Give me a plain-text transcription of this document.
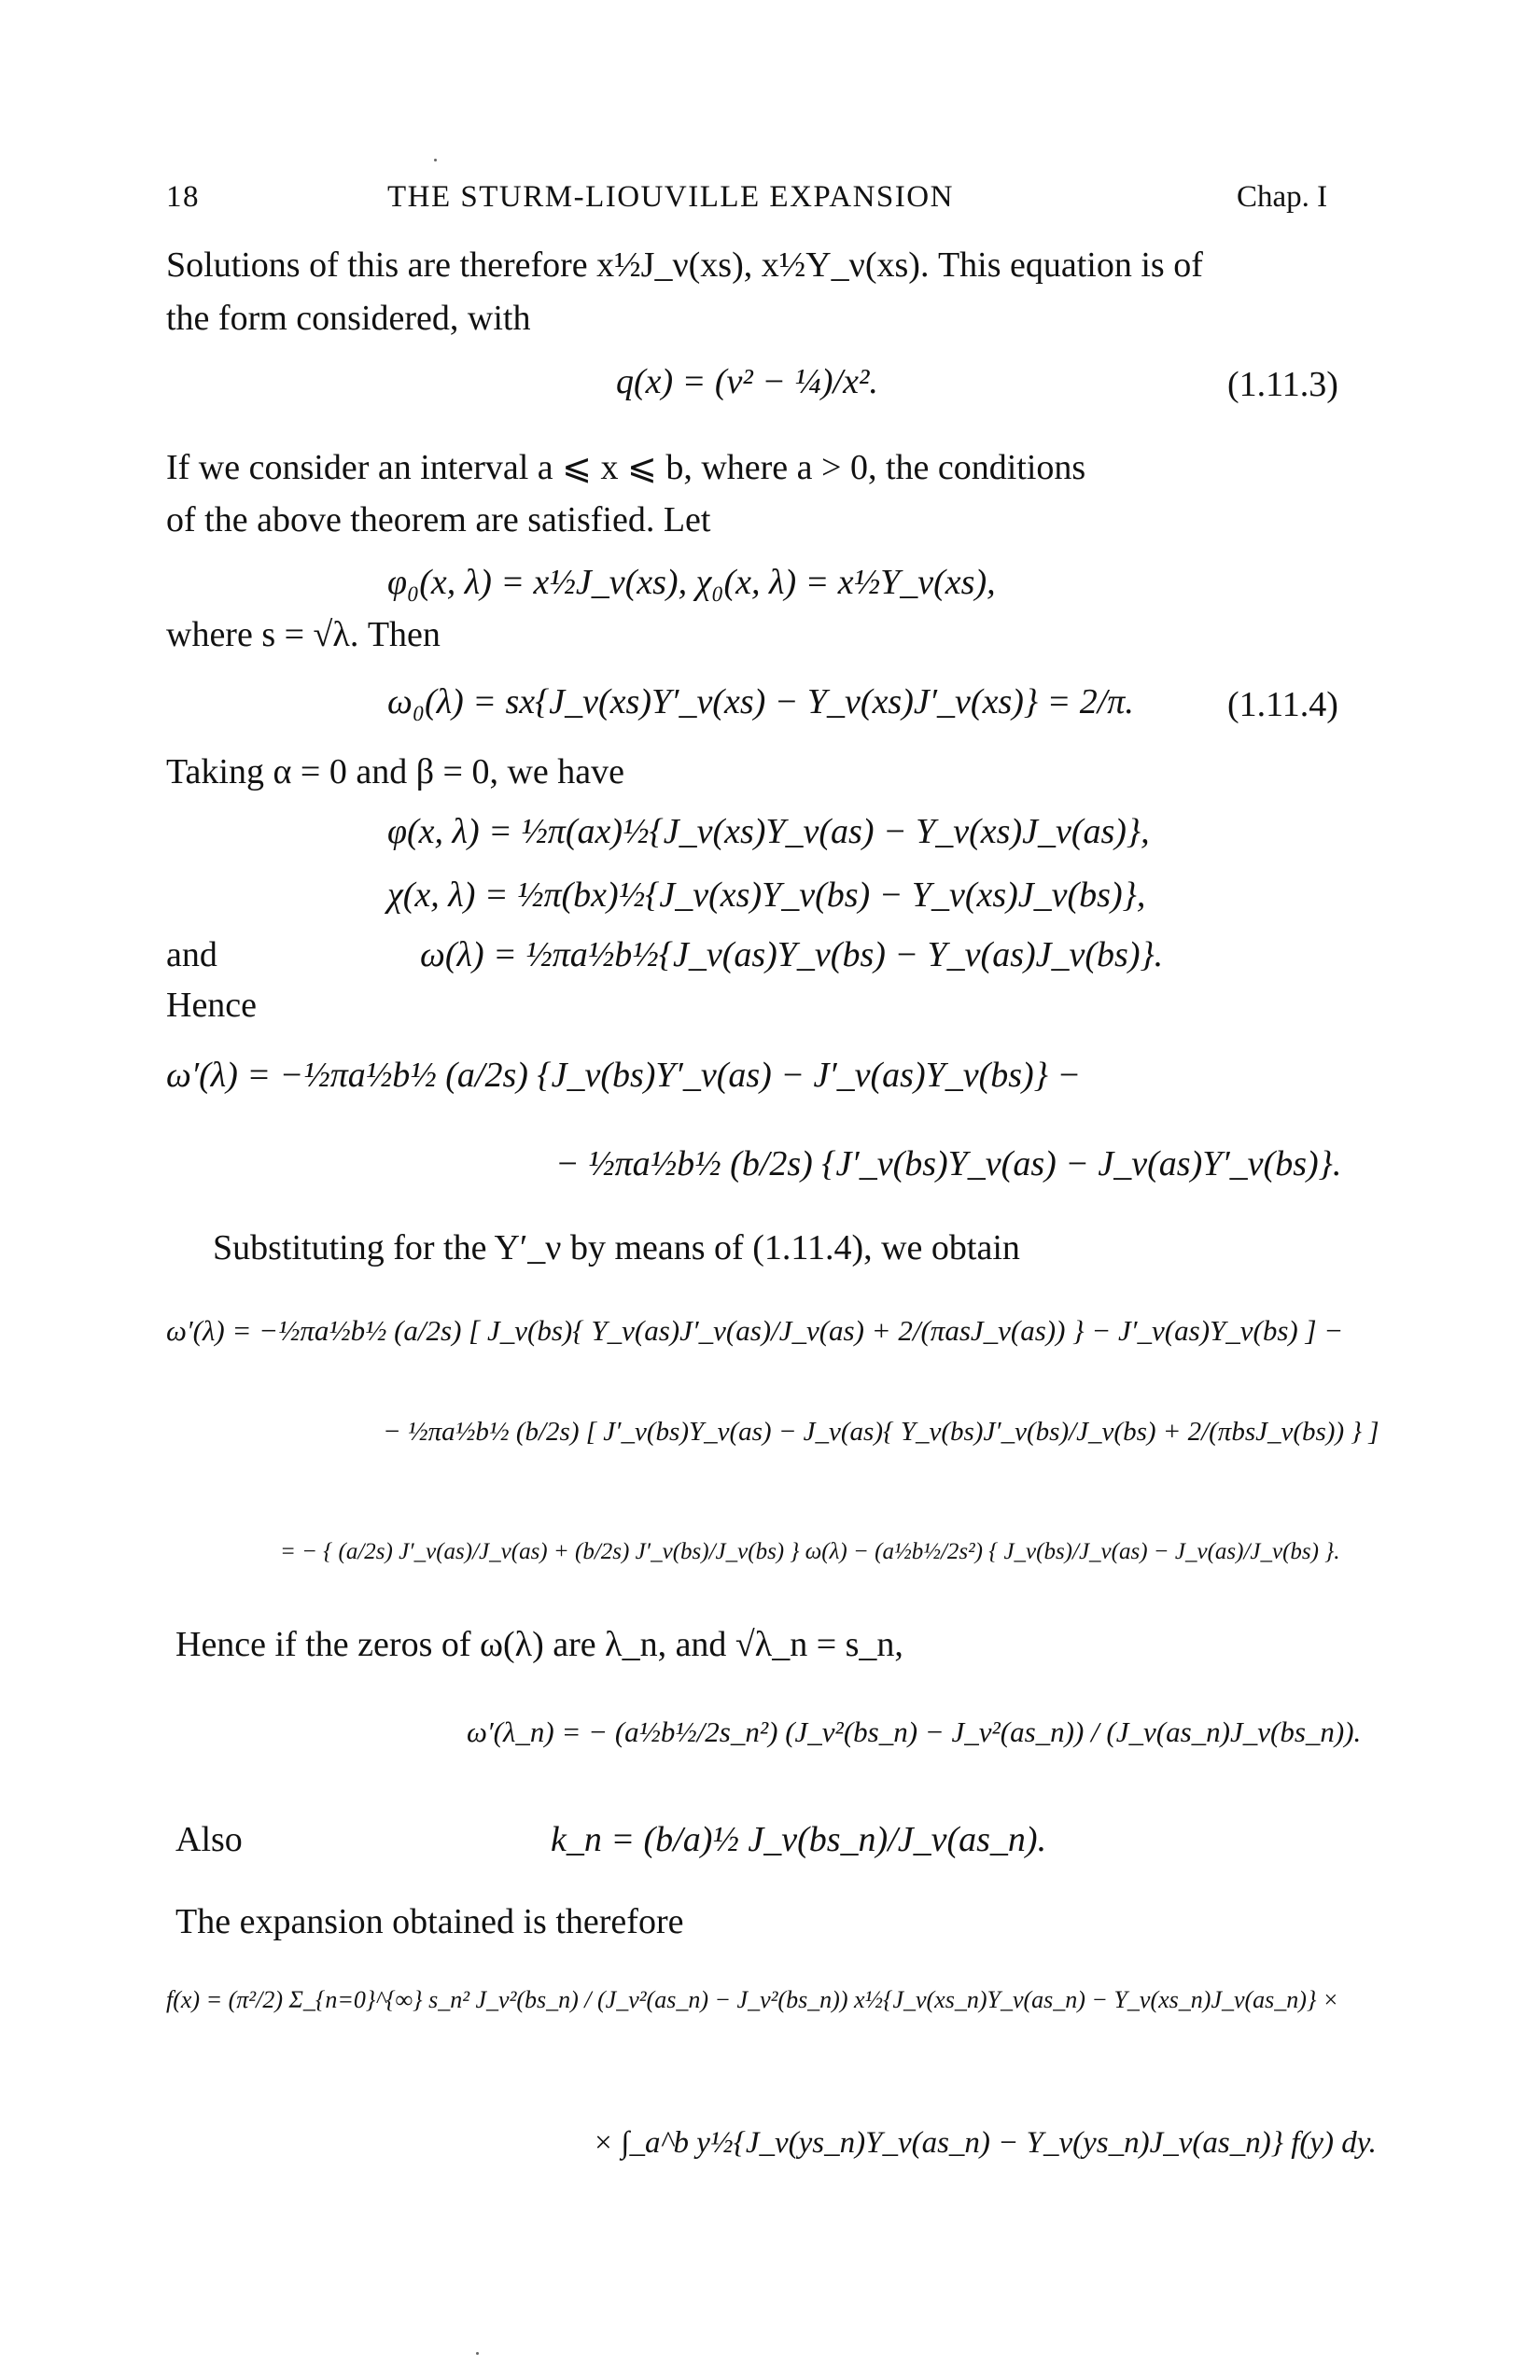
18	THE STURM-LIOUVILLE EXPANSION	Chap. I
Solutions of this are therefore x½J_ν(xs), x½Y_ν(xs). This equation is of
the form considered, with
q(x) = (ν² − ¼)/x².	(1.11.3)
If we consider an interval a ⩽ x ⩽ b, where a > 0, the conditions
of the above theorem are satisfied. Let
φ₀(x, λ) = x½J_ν(xs), χ₀(x, λ) = x½Y_ν(xs),
where s = √λ. Then
ω₀(λ) = sx{J_ν(xs)Y′_ν(xs) − Y_ν(xs)J′_ν(xs)} = 2/π.	(1.11.4)
Taking α = 0 and β = 0, we have
φ(x, λ) = ½π(ax)½{J_ν(xs)Y_ν(as) − Y_ν(xs)J_ν(as)},
χ(x, λ) = ½π(bx)½{J_ν(xs)Y_ν(bs) − Y_ν(xs)J_ν(bs)},
and	ω(λ) = ½πa½b½{J_ν(as)Y_ν(bs) − Y_ν(as)J_ν(bs)}.
Hence
ω′(λ) = −½πa½b½ (a/2s) {J_ν(bs)Y′_ν(as) − J′_ν(as)Y_ν(bs)} −
− ½πa½b½ (b/2s) {J′_ν(bs)Y_ν(as) − J_ν(as)Y′_ν(bs)}.
Substituting for the Y′_ν by means of (1.11.4), we obtain
ω′(λ) = −½πa½b½ (a/2s) [ J_ν(bs){ Y_ν(as)J′_ν(as)/J_ν(as) + 2/(πasJ_ν(as)) } − J′_ν(as)Y_ν(bs) ] −
− ½πa½b½ (b/2s) [ J′_ν(bs)Y_ν(as) − J_ν(as){ Y_ν(bs)J′_ν(bs)/J_ν(bs) + 2/(πbsJ_ν(bs)) } ]
= − { (a/2s) J′_ν(as)/J_ν(as) + (b/2s) J′_ν(bs)/J_ν(bs) } ω(λ) − (a½b½/2s²) { J_ν(bs)/J_ν(as) − J_ν(as)/J_ν(bs) }.
Hence if the zeros of ω(λ) are λ_n, and √λ_n = s_n,
ω′(λ_n) = − (a½b½/2s_n²) (J_ν²(bs_n) − J_ν²(as_n)) / (J_ν(as_n)J_ν(bs_n)).
Also	k_n = (b/a)½ J_ν(bs_n)/J_ν(as_n).
The expansion obtained is therefore
f(x) = (π²/2) Σ_{n=0}^{∞} s_n² J_ν²(bs_n) / (J_ν²(as_n) − J_ν²(bs_n)) x½{J_ν(xs_n)Y_ν(as_n) − Y_ν(xs_n)J_ν(as_n)} ×
× ∫_a^b y½{J_ν(ys_n)Y_ν(as_n) − Y_ν(ys_n)J_ν(as_n)} f(y) dy.
